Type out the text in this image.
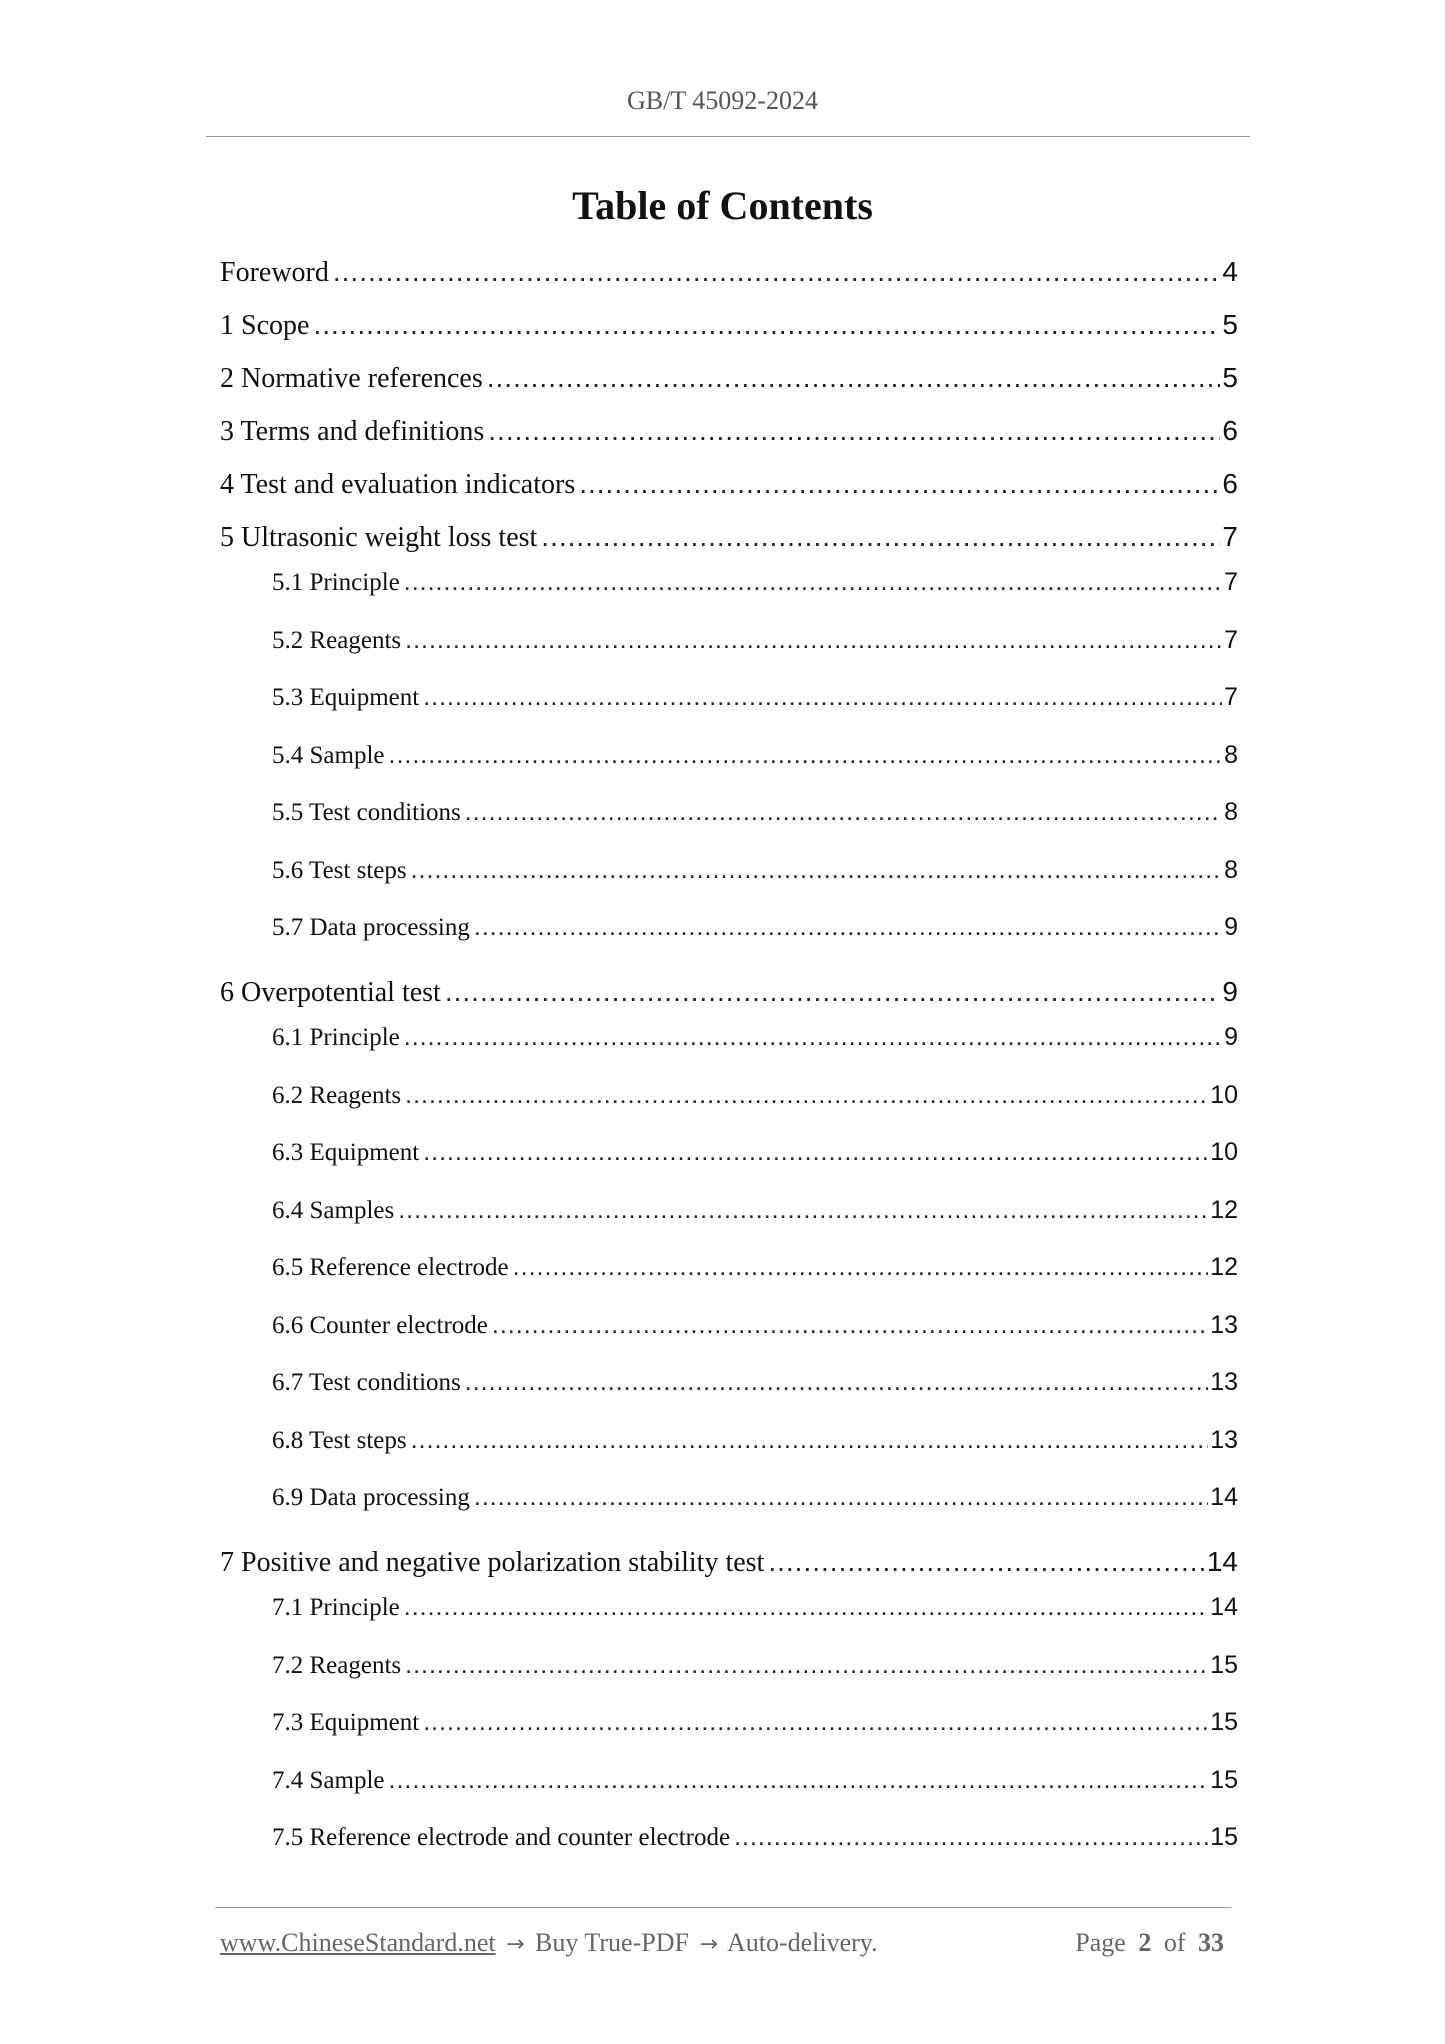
GB/T 45092-2024
Table of Contents
Foreword .....	4
1 Scope .....	5
2 Normative references .....	5
3 Terms and definitions .....	6
4 Test and evaluation indicators .....	6
5 Ultrasonic weight loss test .....	7
5.1 Principle .....	7
5.2 Reagents .....	7
5.3 Equipment .....	7
5.4 Sample .....	8
5.5 Test conditions .....	8
5.6 Test steps .....	8
5.7 Data processing .....	9
6 Overpotential test .....	9
6.1 Principle .....	9
6.2 Reagents .....	10
6.3 Equipment .....	10
6.4 Samples .....	12
6.5 Reference electrode .....	12
6.6 Counter electrode .....	13
6.7 Test conditions .....	13
6.8 Test steps .....	13
6.9 Data processing .....	14
7 Positive and negative polarization stability test .....	14
7.1 Principle .....	14
7.2 Reagents .....	15
7.3 Equipment .....	15
7.4 Sample .....	15
7.5 Reference electrode and counter electrode .....	15
www.ChineseStandard.net → Buy True-PDF → Auto-delivery.	Page 2 of 33
